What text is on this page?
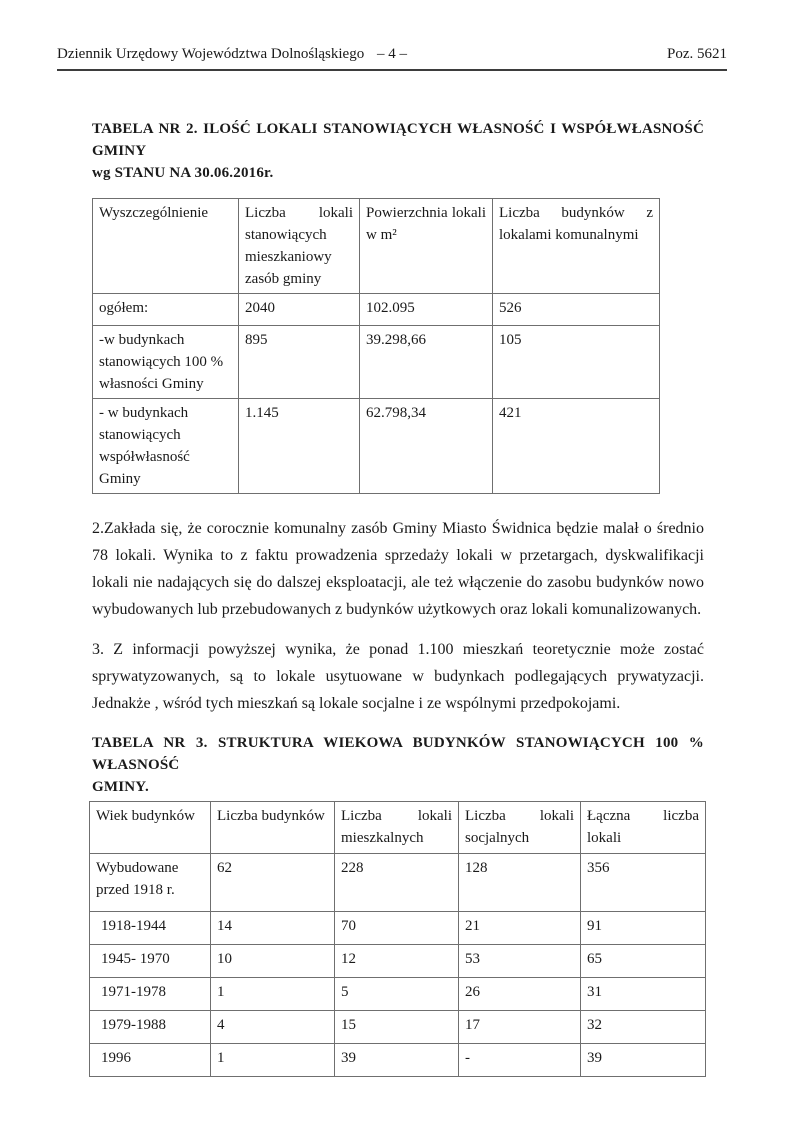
Dziennik Urzędowy Województwa Dolnośląskiego – 4 –	Poz. 5621
TABELA NR 2. ILOŚĆ LOKALI STANOWIĄCYCH WŁASNOŚĆ I WSPÓŁWŁASNOŚĆ GMINY
wg STANU NA 30.06.2016r.
Wyszczególnienie	Liczba lokali stanowiących mieszkaniowy zasób gminy	Powierzchnia lokali w m²	Liczba budynków z lokalami komunalnymi
ogółem:	2040	102.095	526
-w budynkach stanowiących 100 % własności Gminy	895	39.298,66	105
- w budynkach stanowiących współwłasność Gminy	1.145	62.798,34	421

2.Zakłada się, że corocznie komunalny zasób Gminy Miasto Świdnica będzie malał o średnio 78 lokali. Wynika to z faktu prowadzenia sprzedaży lokali w przetargach, dyskwalifikacji lokali nie nadających się do dalszej eksploatacji, ale też włączenie do zasobu budynków nowo wybudowanych lub przebudowanych z budynków użytkowych oraz lokali komunalizowanych.

3. Z informacji powyższej wynika, że ponad 1.100 mieszkań teoretycznie może zostać sprywatyzowanych, są to lokale usytuowane w budynkach podlegających prywatyzacji. Jednakże , wśród tych mieszkań są lokale socjalne i ze wspólnymi przedpokojami.

TABELA NR 3. STRUKTURA WIEKOWA BUDYNKÓW STANOWIĄCYCH 100 % WŁASNOŚĆ
GMINY.
Wiek budynków	Liczba budynków	Liczba lokali mieszkalnych	Liczba lokali socjalnych	Łączna liczba lokali
Wybudowane przed 1918 r.	62	228	128	356
1918-1944	14	70	21	91
1945- 1970	10	12	53	65
1971-1978	1	5	26	31
1979-1988	4	15	17	32
1996	1	39	-	39
